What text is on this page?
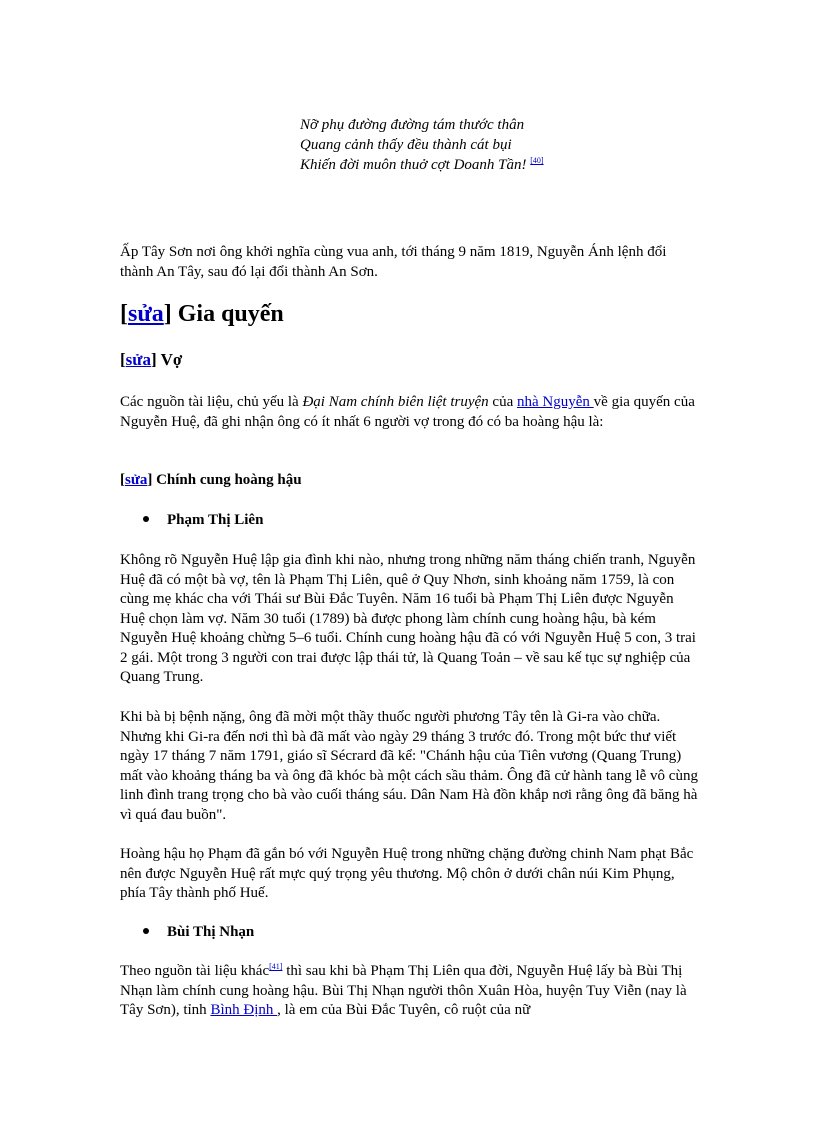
Nỡ phụ đường đường tám thước thân
Quang cảnh thấy đều thành cát bụi
Khiến đời muôn thuở cợt Doanh Tần! [40]

Ấp Tây Sơn nơi ông khởi nghĩa cùng vua anh, tới tháng 9 năm 1819, Nguyễn Ánh lệnh đổi thành An Tây, sau đó lại đổi thành An Sơn.

[sửa] Gia quyến
[sửa] Vợ

Các nguồn tài liệu, chủ yếu là Đại Nam chính biên liệt truyện của nhà Nguyễn về gia quyến của Nguyễn Huệ, đã ghi nhận ông có ít nhất 6 người vợ trong đó có ba hoàng hậu là:

[sửa] Chính cung hoàng hậu
Phạm Thị Liên

Không rõ Nguyễn Huệ lập gia đình khi nào, nhưng trong những năm tháng chiến tranh, Nguyễn Huệ đã có một bà vợ, tên là Phạm Thị Liên, quê ở Quy Nhơn, sinh khoảng năm 1759, là con cùng mẹ khác cha với Thái sư Bùi Đắc Tuyên. Năm 16 tuổi bà Phạm Thị Liên được Nguyễn Huệ chọn làm vợ. Năm 30 tuổi (1789) bà được phong làm chính cung hoàng hậu, bà kém Nguyễn Huệ khoảng chừng 5–6 tuổi. Chính cung hoàng hậu đã có với Nguyễn Huệ 5 con, 3 trai 2 gái. Một trong 3 người con trai được lập thái tử, là Quang Toản – về sau kế tục sự nghiệp của Quang Trung.

Khi bà bị bệnh nặng, ông đã mời một thầy thuốc người phương Tây tên là Gi-ra vào chữa. Nhưng khi Gi-ra đến nơi thì bà đã mất vào ngày 29 tháng 3 trước đó. Trong một bức thư viết ngày 17 tháng 7 năm 1791, giáo sĩ Sécrard đã kể: "Chánh hậu của Tiên vương (Quang Trung) mất vào khoảng tháng ba và ông đã khóc bà một cách sầu thảm. Ông đã cử hành tang lễ vô cùng linh đình trang trọng cho bà vào cuối tháng sáu. Dân Nam Hà đồn khắp nơi rằng ông đã băng hà vì quá đau buồn".

Hoàng hậu họ Phạm đã gắn bó với Nguyễn Huệ trong những chặng đường chinh Nam phạt Bắc nên được Nguyễn Huệ rất mực quý trọng yêu thương. Mộ chôn ở dưới chân núi Kim Phụng, phía Tây thành phố Huế.

Bùi Thị Nhạn

Theo nguồn tài liệu khác[41] thì sau khi bà Phạm Thị Liên qua đời, Nguyễn Huệ lấy bà Bùi Thị Nhạn làm chính cung hoàng hậu. Bùi Thị Nhạn người thôn Xuân Hòa, huyện Tuy Viễn (nay là Tây Sơn), tỉnh Bình Định , là em của Bùi Đắc Tuyên, cô ruột của nữ
